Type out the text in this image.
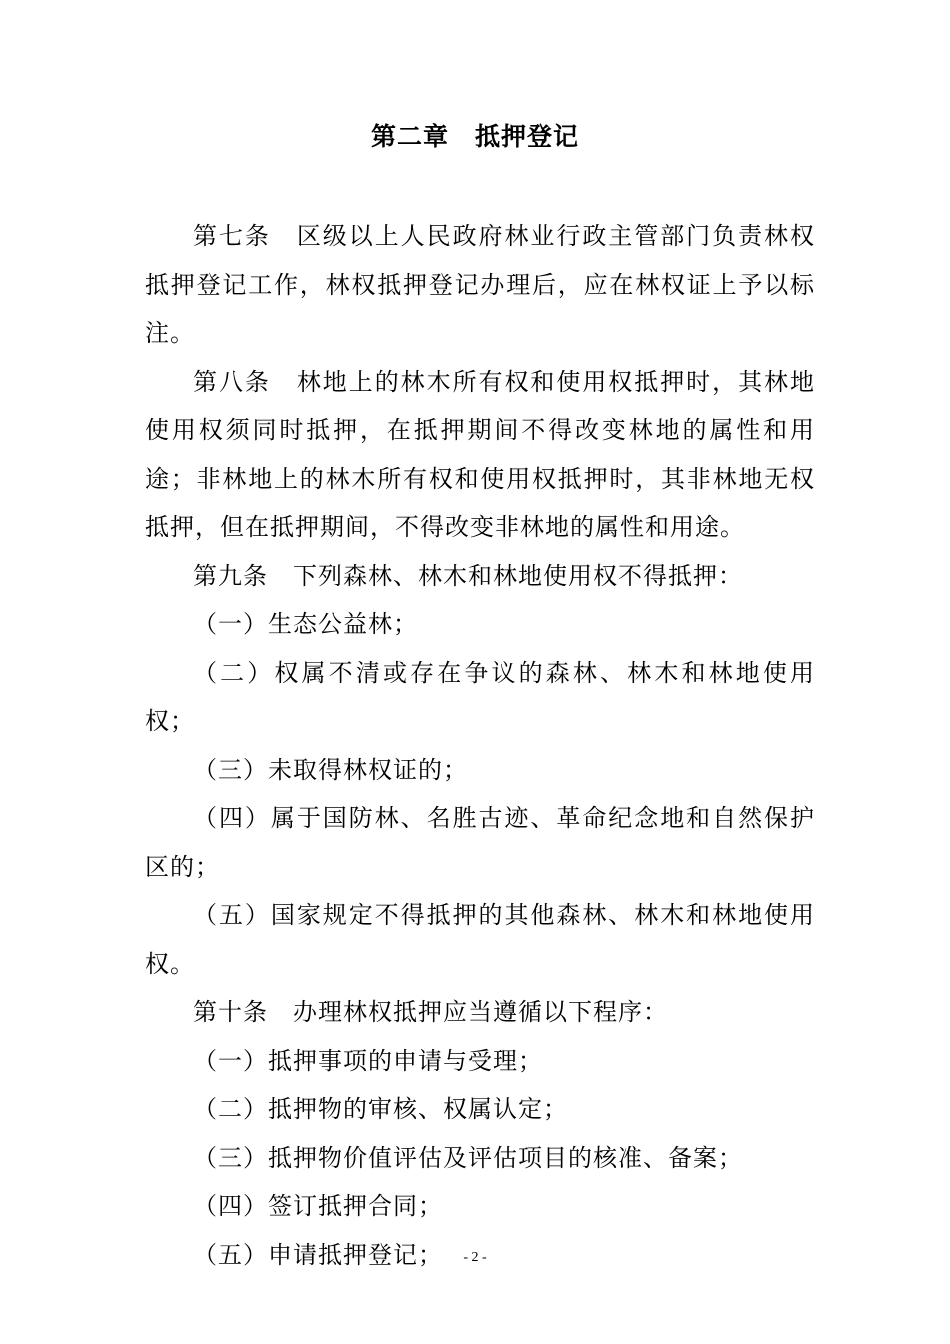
第二章　抵押登记

第七条　区级以上人民政府林业行政主管部门负责林权抵押登记工作，林权抵押登记办理后，应在林权证上予以标注。

第八条　林地上的林木所有权和使用权抵押时，其林地使用权须同时抵押，在抵押期间不得改变林地的属性和用途；非林地上的林木所有权和使用权抵押时，其非林地无权抵押，但在抵押期间，不得改变非林地的属性和用途。

第九条　下列森林、林木和林地使用权不得抵押：

（一）生态公益林；

（二）权属不清或存在争议的森林、林木和林地使用权；

（三）未取得林权证的；

（四）属于国防林、名胜古迹、革命纪念地和自然保护区的；

（五）国家规定不得抵押的其他森林、林木和林地使用权。

第十条　办理林权抵押应当遵循以下程序：

（一）抵押事项的申请与受理；

（二）抵押物的审核、权属认定；

（三）抵押物价值评估及评估项目的核准、备案；

（四）签订抵押合同；

（五）申请抵押登记；	- 2 -
